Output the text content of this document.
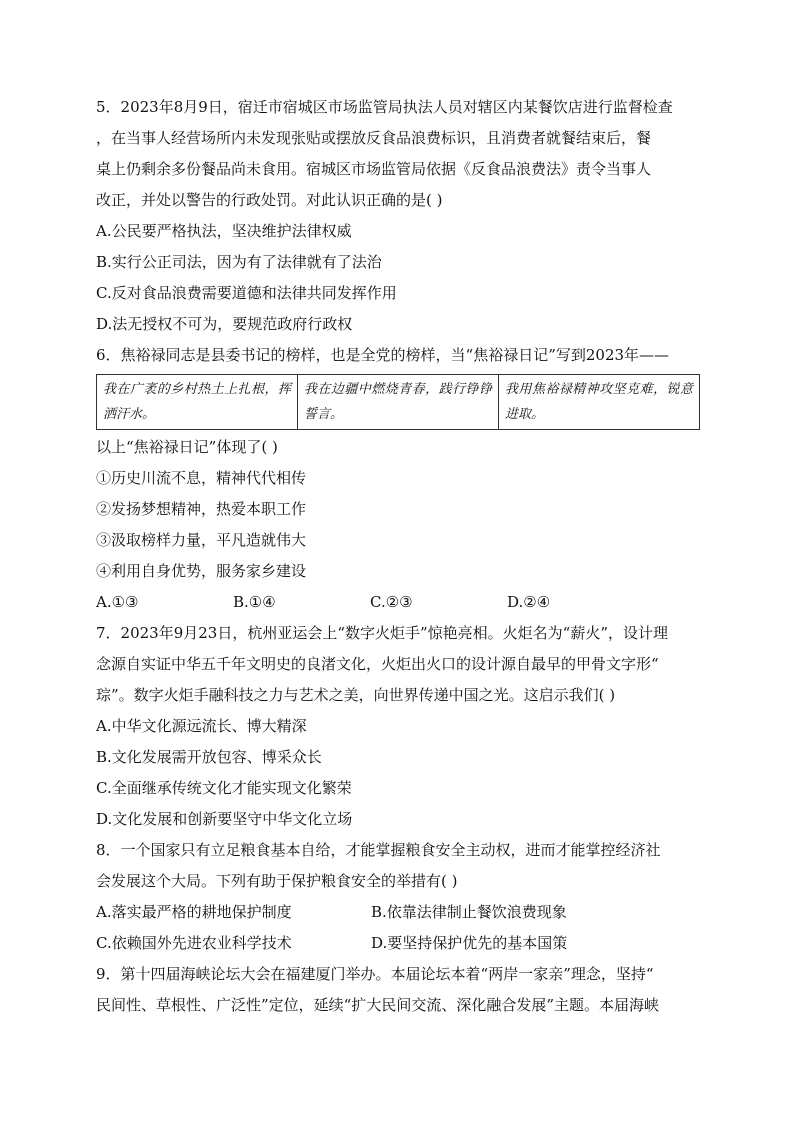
5．2023年8月9日，宿迁市宿城区市场监管局执法人员对辖区内某餐饮店进行监督检查
，在当事人经营场所内未发现张贴或摆放反食品浪费标识，且消费者就餐结束后，餐
桌上仍剩余多份餐品尚未食用。宿城区市场监管局依据《反食品浪费法》责令当事人
改正，并处以警告的行政处罚。对此认识正确的是( )
A.公民要严格执法，坚决维护法律权威
B.实行公正司法，因为有了法律就有了法治
C.反对食品浪费需要道德和法律共同发挥作用
D.法无授权不可为，要规范政府行政权
6．焦裕禄同志是县委书记的榜样，也是全党的榜样，当“焦裕禄日记”写到2023年——
我在广袤的乡村热土上扎根，挥洒汗水。	我在边疆中燃烧青春，践行铮铮誓言。	我用焦裕禄精神攻坚克难，锐意进取。
以上“焦裕禄日记”体现了( )
①历史川流不息，精神代代相传
②发扬梦想精神，热爱本职工作
③汲取榜样力量，平凡造就伟大
④利用自身优势，服务家乡建设
A.①③	B.①④	C.②③	D.②④
7．2023年9月23日，杭州亚运会上“数字火炬手”惊艳亮相。火炬名为“薪火”，设计理
念源自实证中华五千年文明史的良渚文化，火炬出火口的设计源自最早的甲骨文字形“
琮”。数字火炬手融科技之力与艺术之美，向世界传递中国之光。这启示我们( )
A.中华文化源远流长、博大精深
B.文化发展需开放包容、博采众长
C.全面继承传统文化才能实现文化繁荣
D.文化发展和创新要坚守中华文化立场
8．一个国家只有立足粮食基本自给，才能掌握粮食安全主动权，进而才能掌控经济社
会发展这个大局。下列有助于保护粮食安全的举措有( )
A.落实最严格的耕地保护制度	B.依靠法律制止餐饮浪费现象
C.依赖国外先进农业科学技术	D.要坚持保护优先的基本国策
9．第十四届海峡论坛大会在福建厦门举办。本届论坛本着“两岸一家亲”理念，坚持“
民间性、草根性、广泛性”定位，延续“扩大民间交流、深化融合发展”主题。本届海峡
